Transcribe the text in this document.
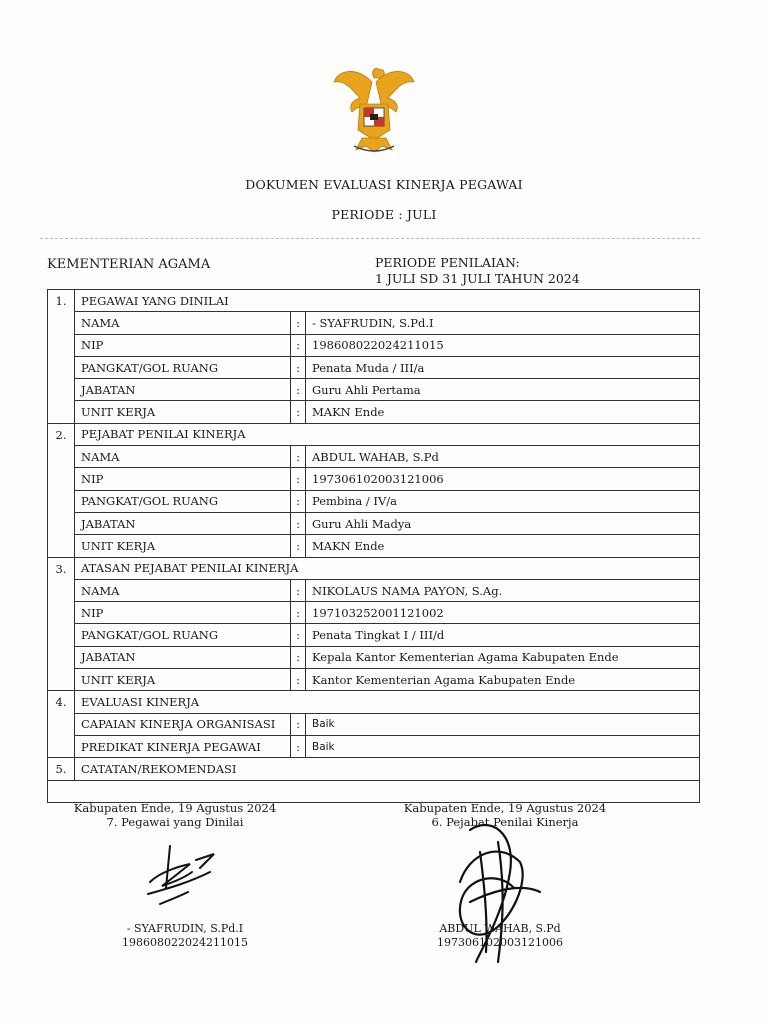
DOKUMEN EVALUASI KINERJA PEGAWAI
PERIODE : JULI
KEMENTERIAN AGAMA	PERIODE PENILAIAN:
1 JULI SD 31 JULI TAHUN 2024
1.	PEGAWAI YANG DINILAI		
	NAMA	:	- SYAFRUDIN, S.Pd.I
	NIP	:	198608022024211015
	PANGKAT/GOL RUANG	:	Penata Muda / III/a
	JABATAN	:	Guru Ahli Pertama
	UNIT KERJA	:	MAKN Ende
2.	PEJABAT PENILAI KINERJA		
	NAMA	:	ABDUL WAHAB, S.Pd
	NIP	:	197306102003121006
	PANGKAT/GOL RUANG	:	Pembina / IV/a
	JABATAN	:	Guru Ahli Madya
	UNIT KERJA	:	MAKN Ende
3.	ATASAN PEJABAT PENILAI KINERJA		
	NAMA	:	NIKOLAUS NAMA PAYON, S.Ag.
	NIP	:	19710325200112100​2
	PANGKAT/GOL RUANG	:	Penata Tingkat I / III/d
	JABATAN	:	Kepala Kantor Kementerian Agama Kabupaten Ende
	UNIT KERJA	:	Kantor Kementerian Agama Kabupaten Ende
4.	EVALUASI KINERJA		
	CAPAIAN KINERJA ORGANISASI	:	Baik
	PREDIKAT KINERJA PEGAWAI	:	Baik
5.	CATATAN/REKOMENDASI		

Kabupaten Ende, 19 Agustus 2024
7. Pegawai yang Dinilai
Kabupaten Ende, 19 Agustus 2024
6. Pejabat Penilai Kinerja
- SYAFRUDIN, S.Pd.I
198608022024211015
ABDUL WAHAB, S.Pd
197306102003121006
